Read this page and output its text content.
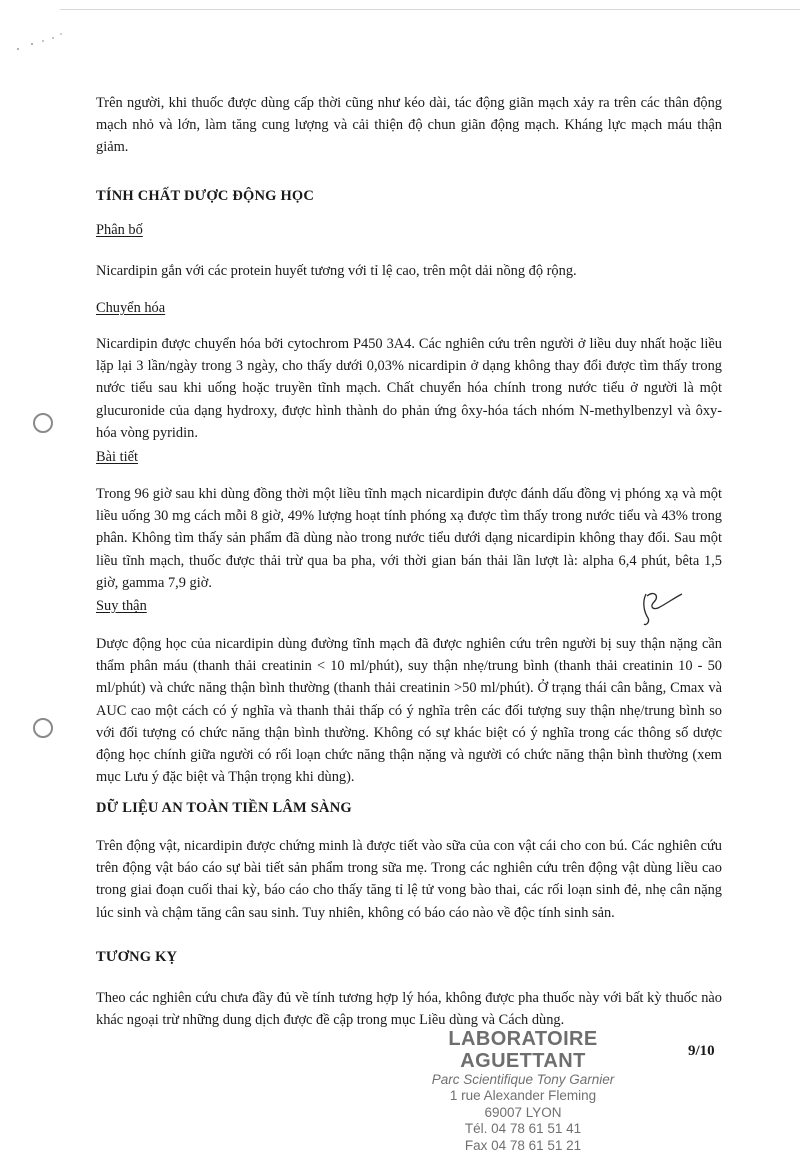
Trên người, khi thuốc được dùng cấp thời cũng như kéo dài, tác động giãn mạch xảy ra trên các thân động mạch nhỏ và lớn, làm tăng cung lượng và cải thiện độ chun giãn động mạch. Kháng lực mạch máu thận giảm.

TÍNH CHẤT DƯỢC ĐỘNG HỌC
Phân bố

Nicardipin gắn với các protein huyết tương với tỉ lệ cao, trên một dải nồng độ rộng.

Chuyển hóa

Nicardipin được chuyển hóa bởi cytochrom P450 3A4. Các nghiên cứu trên người ở liều duy nhất hoặc liều lặp lại 3 lần/ngày trong 3 ngày, cho thấy dưới 0,03% nicardipin ở dạng không thay đổi được tìm thấy trong nước tiểu sau khi uống hoặc truyền tĩnh mạch. Chất chuyển hóa chính trong nước tiểu ở người là một glucuronide của dạng hydroxy, được hình thành do phản ứng ôxy-hóa tách nhóm N-methylbenzyl và ôxy-hóa vòng pyridin.

Bài tiết

Trong 96 giờ sau khi dùng đồng thời một liều tĩnh mạch nicardipin được đánh dấu đồng vị phóng xạ và một liều uống 30 mg cách mỗi 8 giờ, 49% lượng hoạt tính phóng xạ được tìm thấy trong nước tiểu và 43% trong phân. Không tìm thấy sản phẩm đã dùng nào trong nước tiểu dưới dạng nicardipin không thay đổi. Sau một liều tĩnh mạch, thuốc được thải trừ qua ba pha, với thời gian bán thải lần lượt là: alpha 6,4 phút, bêta 1,5 giờ, gamma 7,9 giờ.

Suy thận

Dược động học của nicardipin dùng đường tĩnh mạch đã được nghiên cứu trên người bị suy thận nặng cần thẩm phân máu (thanh thải creatinin < 10 ml/phút), suy thận nhẹ/trung bình (thanh thải creatinin 10 - 50 ml/phút) và chức năng thận bình thường (thanh thải creatinin >50 ml/phút). Ở trạng thái cân bằng, Cmax và AUC cao một cách có ý nghĩa và thanh thải thấp có ý nghĩa trên các đối tượng suy thận nhẹ/trung bình so với đối tượng có chức năng thận bình thường. Không có sự khác biệt có ý nghĩa trong các thông số dược động học chính giữa người có rối loạn chức năng thận nặng và người có chức năng thận bình thường (xem mục Lưu ý đặc biệt và Thận trọng khi dùng).

DỮ LIỆU AN TOÀN TIỀN LÂM SÀNG

Trên động vật, nicardipin được chứng minh là được tiết vào sữa của con vật cái cho con bú. Các nghiên cứu trên động vật báo cáo sự bài tiết sản phẩm trong sữa mẹ. Trong các nghiên cứu trên động vật dùng liều cao trong giai đoạn cuối thai kỳ, báo cáo cho thấy tăng tỉ lệ tử vong bào thai, các rối loạn sinh đẻ, nhẹ cân nặng lúc sinh và chậm tăng cân sau sinh. Tuy nhiên, không có báo cáo nào về độc tính sinh sản.

TƯƠNG KỴ

Theo các nghiên cứu chưa đầy đủ về tính tương hợp lý hóa, không được pha thuốc này với bất kỳ thuốc nào khác ngoại trừ những dung dịch được đề cập trong mục Liều dùng và Cách dùng.

LABORATOIRE AGUETTANT

Parc Scientifique Tony Garnier

1 rue Alexander Fleming

69007 LYON

Tél. 04 78 61 51 41

Fax 04 78 61 51 21

9/10
